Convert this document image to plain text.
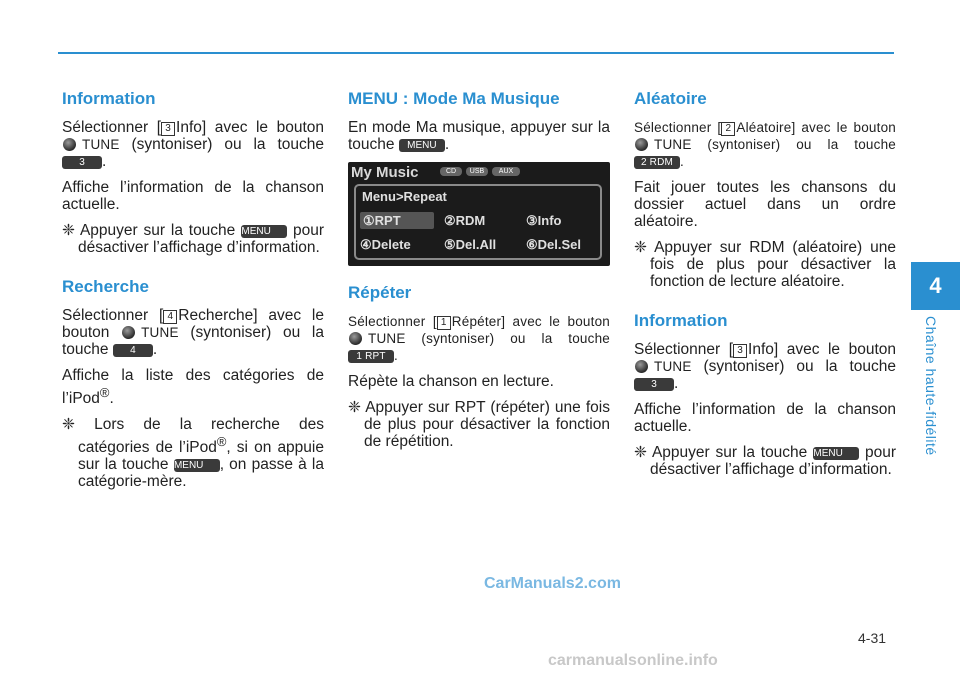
Information

Sélectionner [ 3 Info] avec le bouton TUNE (syntoniser) ou la touche 3 .

Affiche l’information de la chanson actuelle.

❈ Appuyer sur la touche MENU pour désactiver l’affichage d’information.

Recherche

Sélectionner [ 4 Recherche] avec le bouton TUNE (syntoniser) ou la touche 4 .

Affiche la liste des catégories de l’iPod®.

❈ Lors de la recherche des catégories de l’iPod®, si on appuie sur la touche MENU , on passe à la catégorie-mère.

MENU : Mode Ma Musique

En mode Ma musique, appuyer sur la touche MENU .

My Music	CD	USB	AUX
Menu>Repeat
①RPT	②RDM	③Info
④Delete	⑤Del.All ⑥Del.Sel
Répéter

Sélectionner [ 1 Répéter] avec le bouton TUNE (syntoniser) ou la touche 1 RPT .

Répète la chanson en lecture.

❈ Appuyer sur RPT (répéter) une fois de plus pour désactiver la fonction de répétition.

Aléatoire

Sélectionner [ 2 Aléatoire] avec le bouton TUNE (syntoniser) ou la touche 2 RDM .

Fait jouer toutes les chansons du dossier actuel dans un ordre aléatoire.

❈ Appuyer sur RDM (aléatoire) une fois de plus pour désactiver la fonction de lecture aléatoire.

Information

Sélectionner [ 3 Info] avec le bouton TUNE (syntoniser) ou la touche 3 .

Affiche l’information de la chanson actuelle.

❈ Appuyer sur la touche MENU pour désactiver l’affichage d’information.

4
Chaîne haute-fidélité
4-31
CarManuals2.com
carmanualsonline.info
